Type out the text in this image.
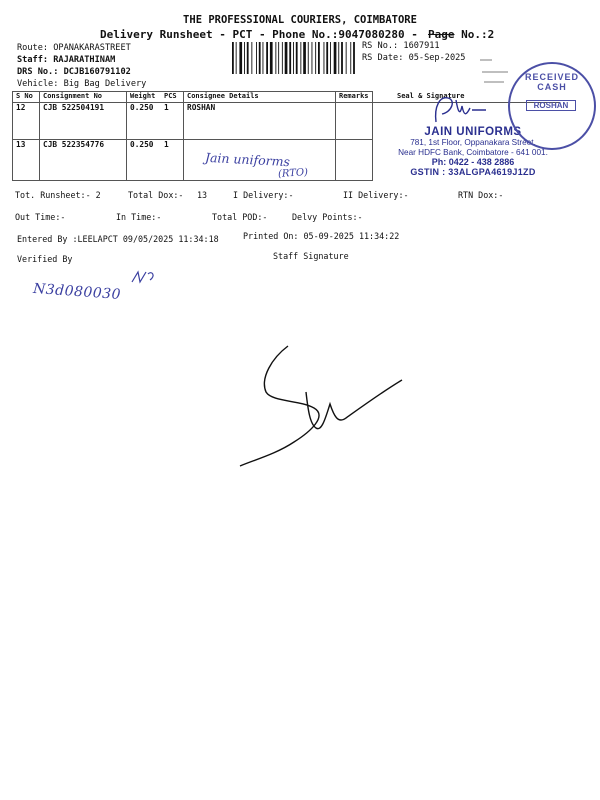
THE PROFESSIONAL COURIERS, COIMBATORE
Delivery Runsheet - PCT - Phone No.:9047080280 - Page No.:2
Route: OPANAKARASTREET
Staff: RAJARATHINAM
DRS No.: DCJB160791102
Vehicle: Big Bag Delivery
RS No.: 1607911
RS Date: 05-Sep-2025
S No	Consignment No	Weight	PCS	Consignee Details	Remarks	Seal & Signature
12	CJB 522504191	0.250	1	ROSHAN		
13	CJB 522354776	0.250	1			
Jain uniforms
(RTO)
JAIN UNIFORMS
781, 1st Floor, Oppanakara Street,
Near HDFC Bank, Coimbatore - 641 001.
Ph: 0422 - 438 2886
GSTIN : 33ALGPA4619J1ZD
RECEIVED CASH
ROSHAN
Tot. Runsheet:- 2	Total Dox:- 13	I Delivery:-	II Delivery:-	RTN Dox:-
Out Time:-	In Time:-	Total POD:-	Delvy Points:-
Entered By :LEELAPCT 09/05/2025 11:34:18	Printed On: 05-09-2025 11:34:22
Verified By	Staff Signature
N3d080030
